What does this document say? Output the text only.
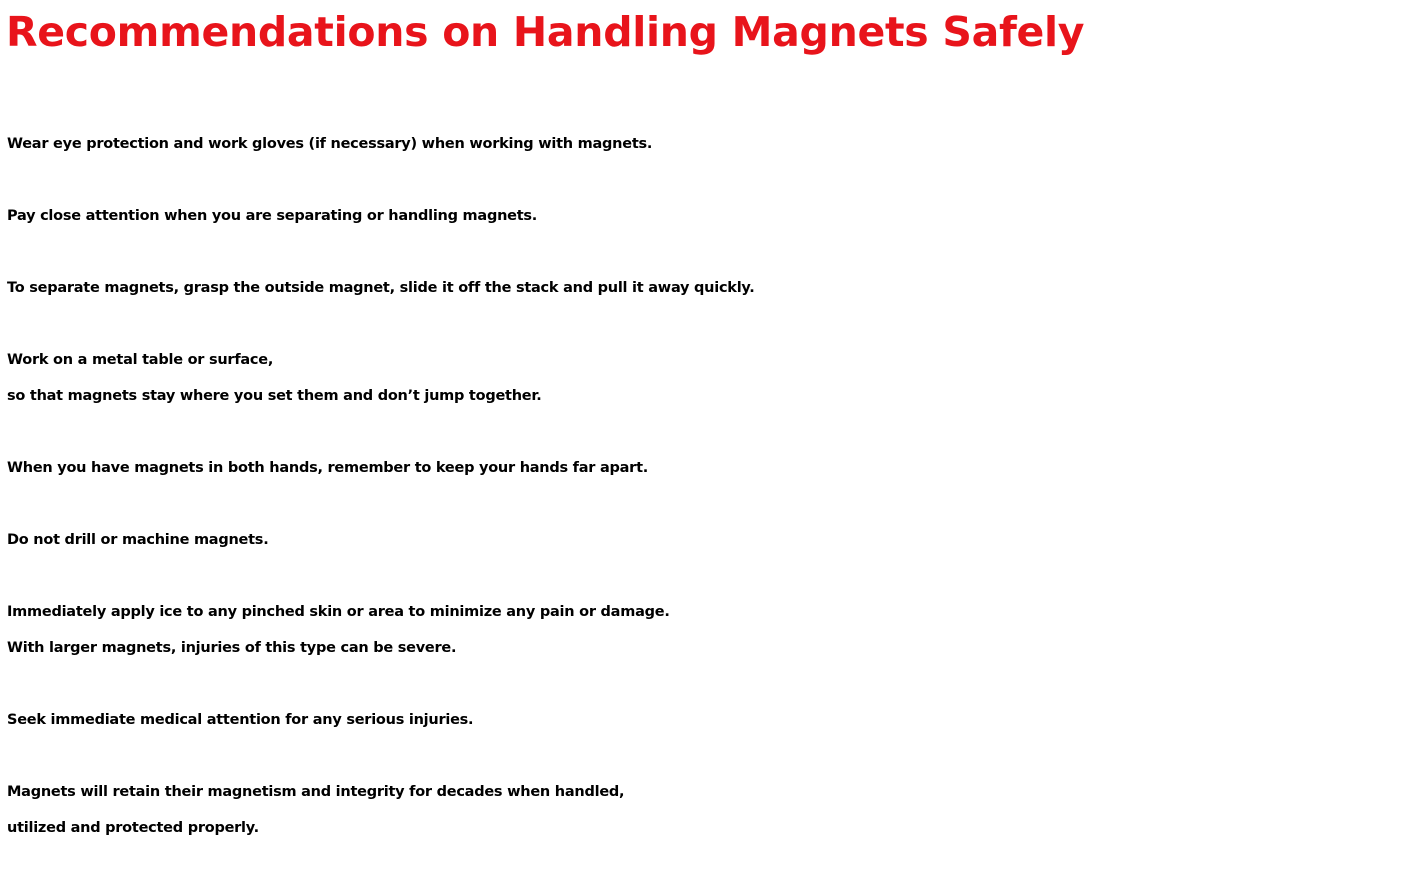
Recommendations on Handling Magnets Safely
Wear eye protection and work gloves (if necessary) when working with magnets.
Pay close attention when you are separating or handling magnets.
To separate magnets, grasp the outside magnet, slide it off the stack and pull it away quickly.
Work on a metal table or surface,
so that magnets stay where you set them and don’t jump together.
When you have magnets in both hands, remember to keep your hands far apart.
Do not drill or machine magnets.
Immediately apply ice to any pinched skin or area to minimize any pain or damage.
With larger magnets, injuries of this type can be severe.
Seek immediate medical attention for any serious injuries.
Magnets will retain their magnetism and integrity for decades when handled,
utilized and protected properly.
